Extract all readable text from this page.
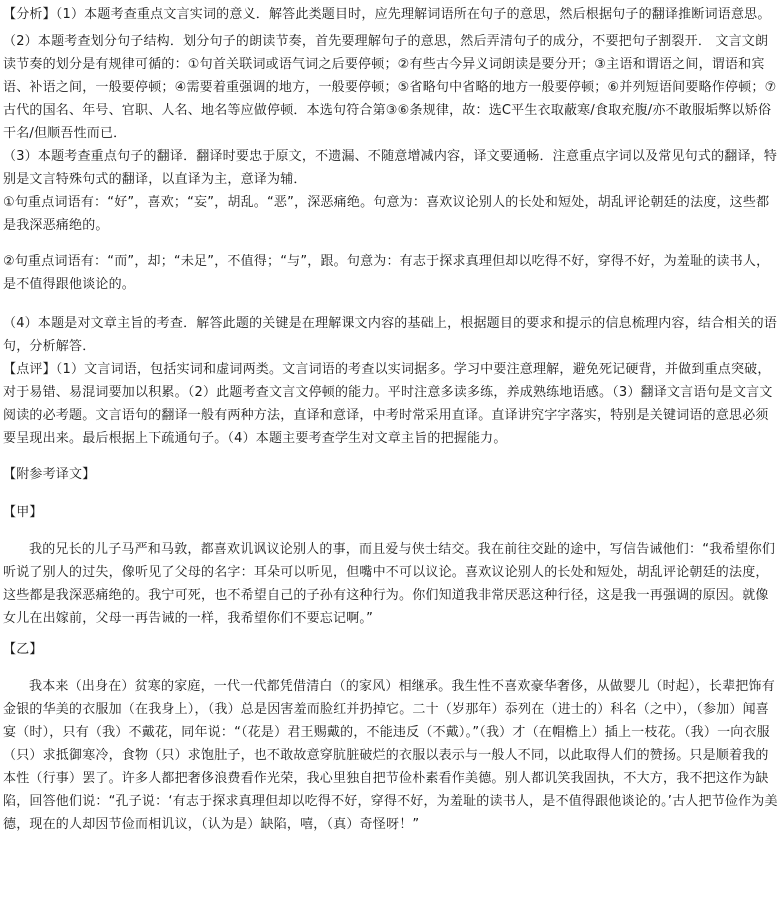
【分析】（1）本题考查重点文言实词的意义．解答此类题目时，应先理解词语所在句子的意思，然后根据句子的翻译推断词语意思。

（2）本题考查划分句子结构．划分句子的朗读节奏，首先要理解句子的意思，然后弄清句子的成分，不要把句子割裂开． 文言文朗读节奏的划分是有规律可循的：①句首关联词或语气词之后要停顿；②有些古今异义词朗读是要分开；③主语和谓语之间，谓语和宾语、补语之间，一般要停顿；④需要着重强调的地方，一般要停顿；⑤省略句中省略的地方一般要停顿；⑥并列短语间要略作停顿；⑦古代的国名、年号、官职、人名、地名等应做停顿．本选句符合第③⑥条规律，故：选C平生衣取蔽寒/食取充腹/亦不敢服垢弊以矫俗干名/但顺吾性而已．

（3）本题考查重点句子的翻译．翻译时要忠于原文，不遗漏、不随意增减内容，译文要通畅．注意重点字词以及常见句式的翻译，特别是文言特殊句式的翻译，以直译为主，意译为辅．

①句重点词语有：“好”，喜欢；“妄”，胡乱。“恶”，深恶痛绝。句意为：喜欢议论别人的长处和短处，胡乱评论朝廷的法度，这些都是我深恶痛绝的。

②句重点词语有：“而”，却；“未足”，不值得；“与”，跟。句意为：有志于探求真理但却以吃得不好，穿得不好，为羞耻的读书人，是不值得跟他谈论的。

（4）本题是对文章主旨的考查．解答此题的关键是在理解课文内容的基础上，根据题目的要求和提示的信息梳理内容，结合相关的语句，分析解答．

【点评】（1）文言词语，包括实词和虚词两类。文言词语的考查以实词据多。学习中要注意理解，避免死记硬背，并做到重点突破，对于易错、易混词要加以积累。（2）此题考查文言文停顿的能力。平时注意多读多练，养成熟练地语感。（3）翻译文言语句是文言文阅读的必考题。文言语句的翻译一般有两种方法，直译和意译，中考时常采用直译。直译讲究字字落实，特别是关键词语的意思必须要呈现出来。最后根据上下疏通句子。（4）本题主要考查学生对文章主旨的把握能力。

【附参考译文】

【甲】

我的兄长的儿子马严和马敦，都喜欢讥讽议论别人的事，而且爱与侠士结交。我在前往交趾的途中，写信告诫他们：“我希望你们听说了别人的过失，像听见了父母的名字：耳朵可以听见，但嘴中不可以议论。喜欢议论别人的长处和短处，胡乱评论朝廷的法度，这些都是我深恶痛绝的。我宁可死，也不希望自己的子孙有这种行为。你们知道我非常厌恶这种行径，这是我一再强调的原因。就像女儿在出嫁前，父母一再告诫的一样，我希望你们不要忘记啊。”

【乙】

我本来（出身在）贫寒的家庭，一代一代都凭借清白（的家风）相继承。我生性不喜欢豪华奢侈，从做婴儿（时起），长辈把饰有金银的华美的衣服加（在我身上），（我）总是因害羞而脸红并扔掉它。二十（岁那年）忝列在（进士的）科名（之中），（参加）闻喜宴（时），只有（我）不戴花，同年说：“（花是）君王赐戴的，不能违反（不戴）。”（我）才（在帽檐上）插上一枝花。（我）一向衣服（只）求抵御寒冷，食物（只）求饱肚子，也不敢故意穿肮脏破烂的衣服以表示与一般人不同，以此取得人们的赞扬。只是顺着我的本性（行事）罢了。许多人都把奢侈浪费看作光荣，我心里独自把节俭朴素看作美德。别人都讥笑我固执，不大方，我不把这作为缺陷，回答他们说：“孔子说：‘有志于探求真理但却以吃得不好，穿得不好，为羞耻的读书人，是不值得跟他谈论的。’古人把节俭作为美德，现在的人却因节俭而相讥议，（认为是）缺陷，嘻，（真）奇怪呀！”
